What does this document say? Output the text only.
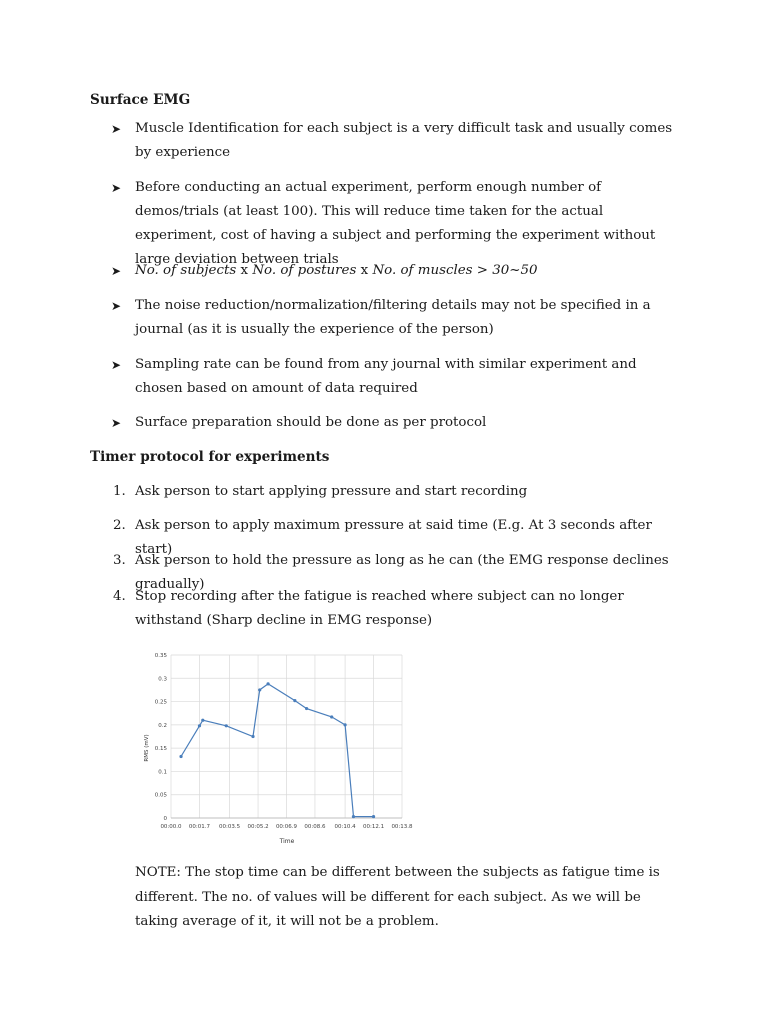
Surface EMG
➤ Muscle Identification for each subject is a very difficult task and usually comes by experience
➤ Before conducting an actual experiment, perform enough number of demos/trials (at least 100). This will reduce time taken for the actual experiment, cost of having a subject and performing the experiment without large deviation between trials
➤ No. of subjects x No. of postures x No. of muscles > 30~50
➤ The noise reduction/normalization/filtering details may not be specified in a journal (as it is usually the experience of the person)
➤ Sampling rate can be found from any journal with similar experiment and chosen based on amount of data required
➤ Surface preparation should be done as per protocol
Timer protocol for experiments
1. Ask person to start applying pressure and start recording
2. Ask person to apply maximum pressure at said time (E.g. At 3 seconds after start)
3. Ask person to hold the pressure as long as he can (the EMG response declines gradually)
4. Stop recording after the fatigue is reached where subject can no longer withstand (Sharp decline in EMG response)
0
0.05
0.1
0.15
0.2
0.25
0.3
0.35
00:00.0 00:01.7 00:03.5 00:05.2 00:06.9 00:08.6 00:10.4 00:12.1 00:13.8
RMS (mV)
Time
NOTE: The stop time can be different between the subjects as fatigue time is different. The no. of values will be different for each subject. As we will be taking average of it, it will not be a problem.
